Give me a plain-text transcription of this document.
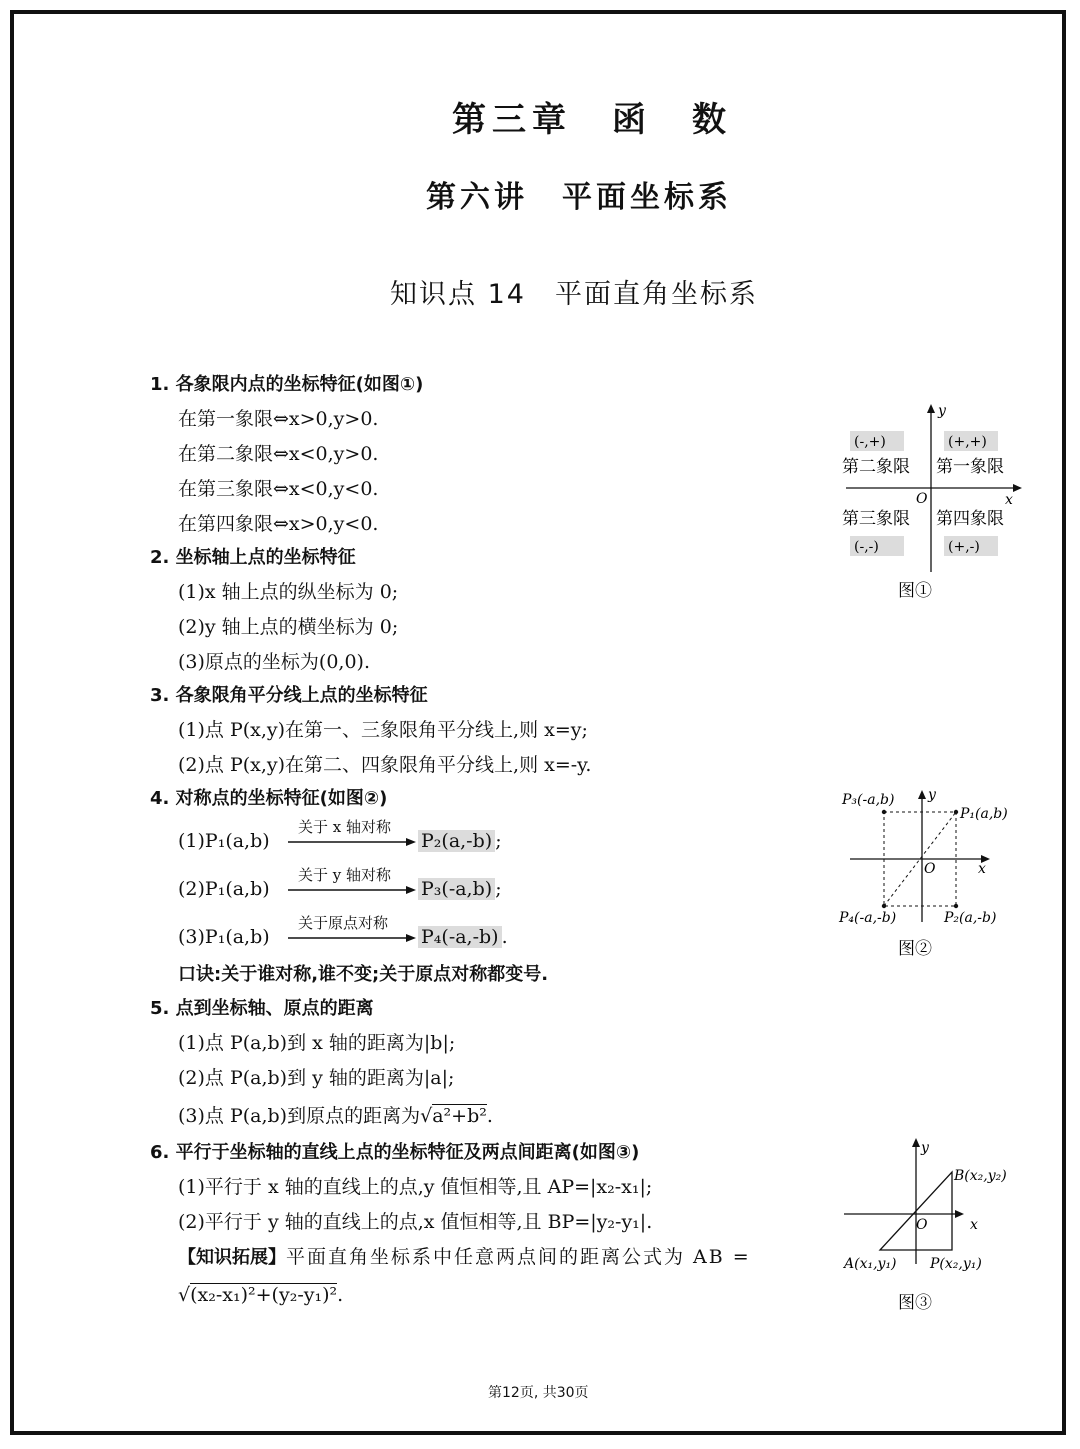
第三章　函　数
第六讲　平面坐标系
知识点 14　平面直角坐标系
1. 各象限内点的坐标特征(如图①)
在第一象限⇔x>0,y>0.
在第二象限⇔x<0,y>0.
在第三象限⇔x<0,y<0.
在第四象限⇔x>0,y<0.
2. 坐标轴上点的坐标特征
(1)x 轴上点的纵坐标为 0;
(2)y 轴上点的横坐标为 0;
(3)原点的坐标为(0,0).
3. 各象限角平分线上点的坐标特征
(1)点 P(x,y)在第一、三象限角平分线上,则 x=y;
(2)点 P(x,y)在第二、四象限角平分线上,则 x=-y.
4. 对称点的坐标特征(如图②)
(1)P₁(a,b)
关于 x 轴对称
P₂(a,-b) ;
(2)P₁(a,b)
关于 y 轴对称
P₃(-a,b) ;
(3)P₁(a,b)
关于原点对称
P₄(-a,-b) .
口诀:关于谁对称,谁不变;关于原点对称都变号.
5. 点到坐标轴、原点的距离
(1)点 P(a,b)到 x 轴的距离为|b|;
(2)点 P(a,b)到 y 轴的距离为|a|;
(3)点 P(a,b)到原点的距离为√a²+b².
6. 平行于坐标轴的直线上点的坐标特征及两点间距离(如图③)
(1)平行于 x 轴的直线上的点,y 值恒相等,且 AP=|x₂-x₁|;
(2)平行于 y 轴的直线上的点,x 值恒相等,且 BP=|y₂-y₁|.
【知识拓展】平面直角坐标系中任意两点间的距离公式为 AB =
√(x₂-x₁)²+(y₂-y₁)².
y
x
O
(-,+)	(+,+)
第二象限 第一象限
第三象限 第四象限
(-,-)	(+,-)
图①
P₃(-a,b) y
P₁(a,b)
O	x
P₄(-a,-b)	P₂(a,-b)
图②
y
B(x₂,y₂)
O	x
A(x₁,y₁) P(x₂,y₁)
图③
第12页, 共30页
